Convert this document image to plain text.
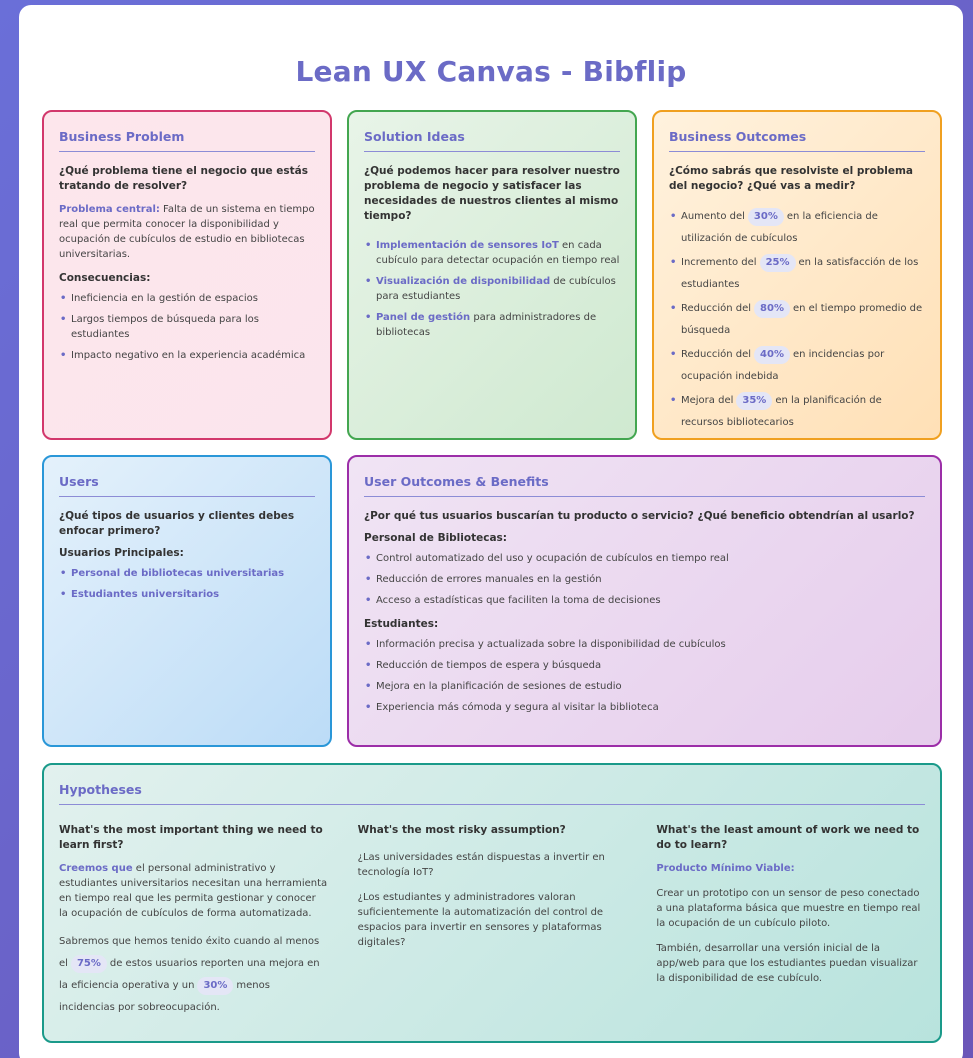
Lean UX Canvas - Bibflip
Business Problem
¿Qué problema tiene el negocio que estás tratando de resolver?
Problema central: Falta de un sistema en tiempo real que permita conocer la disponibilidad y ocupación de cubículos de estudio en bibliotecas universitarias.
Consecuencias:
• Ineficiencia en la gestión de espacios
• Largos tiempos de búsqueda para los estudiantes
• Impacto negativo en la experiencia académica
Solution Ideas
¿Qué podemos hacer para resolver nuestro problema de negocio y satisfacer las necesidades de nuestros clientes al mismo tiempo?
• Implementación de sensores IoT en cada cubículo para detectar ocupación en tiempo real
• Visualización de disponibilidad de cubículos para estudiantes
• Panel de gestión para administradores de bibliotecas
Business Outcomes
¿Cómo sabrás que resolviste el problema del negocio? ¿Qué vas a medir?
• Aumento del 30% en la eficiencia de utilización de cubículos
• Incremento del 25% en la satisfacción de los estudiantes
• Reducción del 80% en el tiempo promedio de búsqueda
• Reducción del 40% en incidencias por ocupación indebida
• Mejora del 35% en la planificación de recursos bibliotecarios
Users
¿Qué tipos de usuarios y clientes debes enfocar primero?
Usuarios Principales:
• Personal de bibliotecas universitarias
• Estudiantes universitarios
User Outcomes & Benefits
¿Por qué tus usuarios buscarían tu producto o servicio? ¿Qué beneficio obtendrían al usarlo?
Personal de Bibliotecas:
• Control automatizado del uso y ocupación de cubículos en tiempo real
• Reducción de errores manuales en la gestión
• Acceso a estadísticas que faciliten la toma de decisiones
Estudiantes:
• Información precisa y actualizada sobre la disponibilidad de cubículos
• Reducción de tiempos de espera y búsqueda
• Mejora en la planificación de sesiones de estudio
• Experiencia más cómoda y segura al visitar la biblioteca
Hypotheses
What's the most important thing we need to learn first?
Creemos que el personal administrativo y estudiantes universitarios necesitan una herramienta en tiempo real que les permita gestionar y conocer la ocupación de cubículos de forma automatizada.
Sabremos que hemos tenido éxito cuando al menos el 75% de estos usuarios reporten una mejora en la eficiencia operativa y un 30% menos incidencias por sobreocupación.
What's the most risky assumption?
¿Las universidades están dispuestas a invertir en tecnología IoT?
¿Los estudiantes y administradores valoran suficientemente la automatización del control de espacios para invertir en sensores y plataformas digitales?
What's the least amount of work we need to do to learn?
Producto Mínimo Viable:
Crear un prototipo con un sensor de peso conectado a una plataforma básica que muestre en tiempo real la ocupación de un cubículo piloto.
También, desarrollar una versión inicial de la app/web para que los estudiantes puedan visualizar la disponibilidad de ese cubículo.
